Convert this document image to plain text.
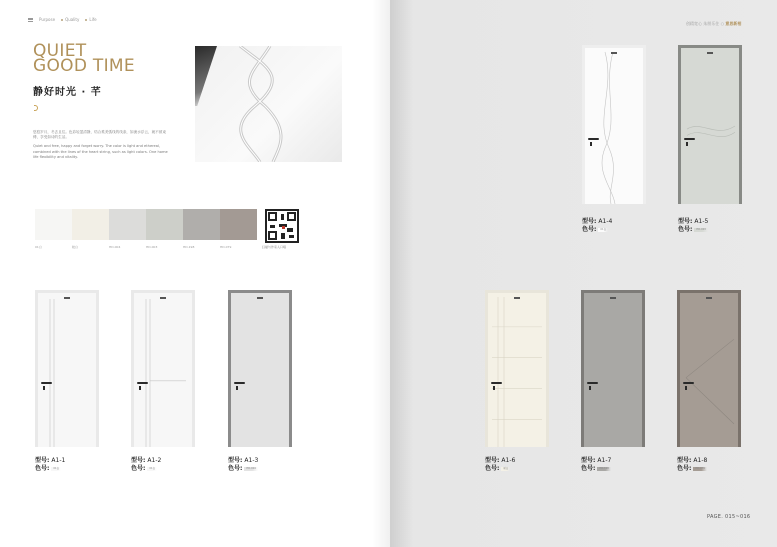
Purpose	Quality	Life
QUIET
GOOD TIME
静好时光 · 芊

悠悠岁月，冬去且往。色彩轻盈清静，结合柔美弧线的线条，如流水浮云，就不被束缚，享受如诗的生活。

Quiet and free, happy and forget worry. The color is light and ethereal, combined with the lines of the heart string, such as light colors. One home life flexibility and vitality.

01白	暖白	HD-004	HD-003	HD-198	HD-079	扫描与作家入口唱
创精宽心 朱朋乐住 ○ 意思新相
型号: A1-1
色号:	01白
型号: A1-2
色号:	01白
型号: A1-3
色号:	HD-004
型号: A1-4
色号:	01白
型号: A1-5
色号:	HD-003
型号: A1-6
色号:	暖白
型号: A1-7
色号:	HD-198
型号: A1-8
色号:	HD-079
PAGE. 015~016
